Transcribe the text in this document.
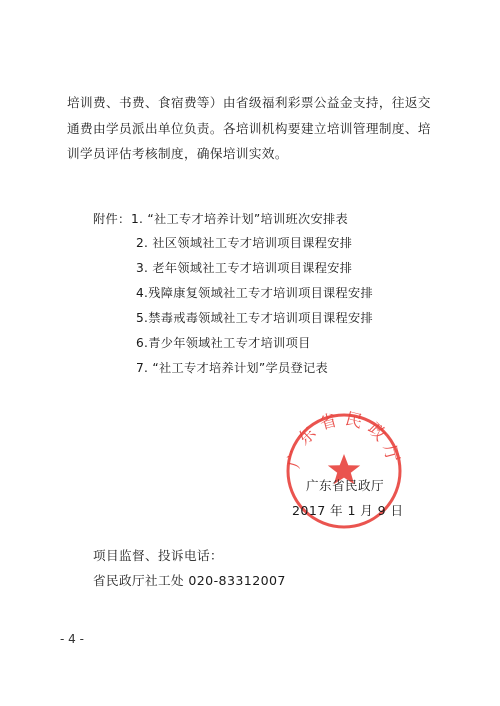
培训费、书费、食宿费等）由省级福利彩票公益金支持，往返交
通费由学员派出单位负责。各培训机构要建立培训管理制度、培
训学员评估考核制度，确保培训实效。
附件： 1. “社工专才培养计划”培训班次安排表
2. 社区领域社工专才培训项目课程安排
3. 老年领域社工专才培训项目课程安排
4.残障康复领域社工专才培训项目课程安排
5.禁毒戒毒领域社工专才培训项目课程安排
6.青少年领域社工专才培训项目
7. “社工专才培养计划”学员登记表
广东省民政厅
广东省民政厅
2017 年 1 月 9 日
项目监督、投诉电话：
省民政厅社工处 020-83312007
- 4 -
